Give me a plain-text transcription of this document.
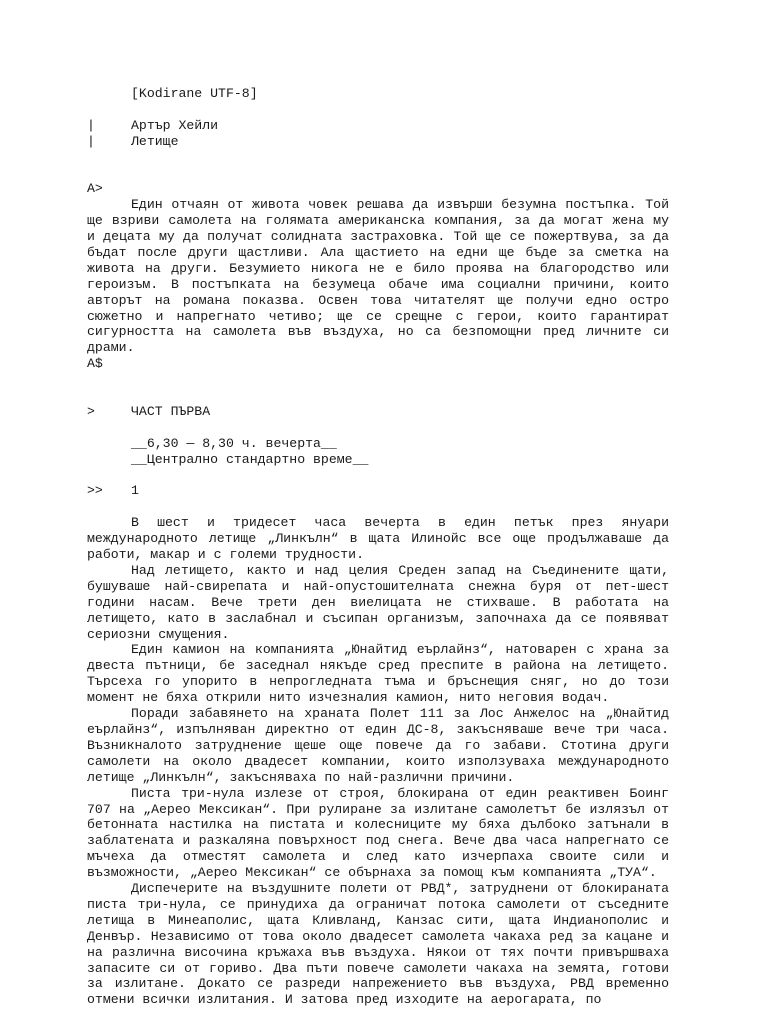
[Kodirane UTF-8]
|	Артър Хейли
|	Летище
A>

Един отчаян от живота човек решава да извърши безумна постъпка. Той ще взриви самолета на голямата американска компания, за да могат жена му и децата му да получат солидната застраховка. Той ще се пожертвува, за да бъдат после други щастливи. Ала щастието на едни ще бъде за сметка на живота на други. Безумието никога не е било проява на благородство или героизъм. В постъпката на безумеца обаче има социални причини, които авторът на романа показва. Освен това читателят ще получи едно остро сюжетно и напрегнато четиво; ще се срещне с герои, които гарантират сигурността на самолета във въздуха, но са безпомощни пред личните си драми.

A$
>	ЧАСТ ПЪРВА
__6,30 — 8,30 ч. вечерта__
__Централно стандартно време__
>>	1

В шест и тридесет часа вечерта в един петък през януари международното летище „Линкълн“ в щата Илинойс все още продължаваше да работи, макар и с големи трудности.

Над летището, както и над целия Среден запад на Съединените щати, бушуваше най-свирепата и най-опустошителната снежна буря от пет-шест години насам. Вече трети ден виелицата не стихваше. В работата на летището, като в заслабнал и съсипан организъм, започнаха да се появяват сериозни смущения.

Един камион на компанията „Юнайтид еърлайнз“, натоварен с храна за двеста пътници, бе заседнал някъде сред преспите в района на летището. Търсеха го упорито в непрогледната тъма и бръснещия сняг, но до този момент не бяха открили нито изчезналия камион, нито неговия водач.

Поради забавянето на храната Полет 111 за Лос Анжелос на „Юнайтид еърлайнз“, изпълняван директно от един ДС-8, закъсняваше вече три часа. Възникналото затруднение щеше още повече да го забави. Стотина други самолети на около двадесет компании, които използуваха международното летище „Линкълн“, закъсняваха по най-различни причини.

Писта три-нула излезе от строя, блокирана от един реактивен Боинг 707 на „Аерео Мексикан“. При рулиране за излитане самолетът бе излязъл от бетонната настилка на пистата и колесниците му бяха дълбоко затънали в заблатената и разкаляна повърхност под снега. Вече два часа напрегнато се мъчеха да отместят самолета и след като изчерпаха своите сили и възможности, „Аерео Мексикан“ се обърнаха за помощ към компанията „ТУА“.

Диспечерите на въздушните полети от РВД*, затруднени от блокираната писта три-нула, се принудиха да ограничат потока самолети от съседните летища в Минеаполис, щата Кливланд, Канзас сити, щата Индианополис и Денвър. Независимо от това около двадесет самолета чакаха ред за кацане и на различна височина кръжаха във въздуха. Някои от тях почти привършваха запасите си от гориво. Два пъти повече самолети чакаха на земята, готови за излитане. Докато се разреди напрежението във въздуха, РВД временно отмени всички излитания. И затова пред изходите на аерогарата, по
